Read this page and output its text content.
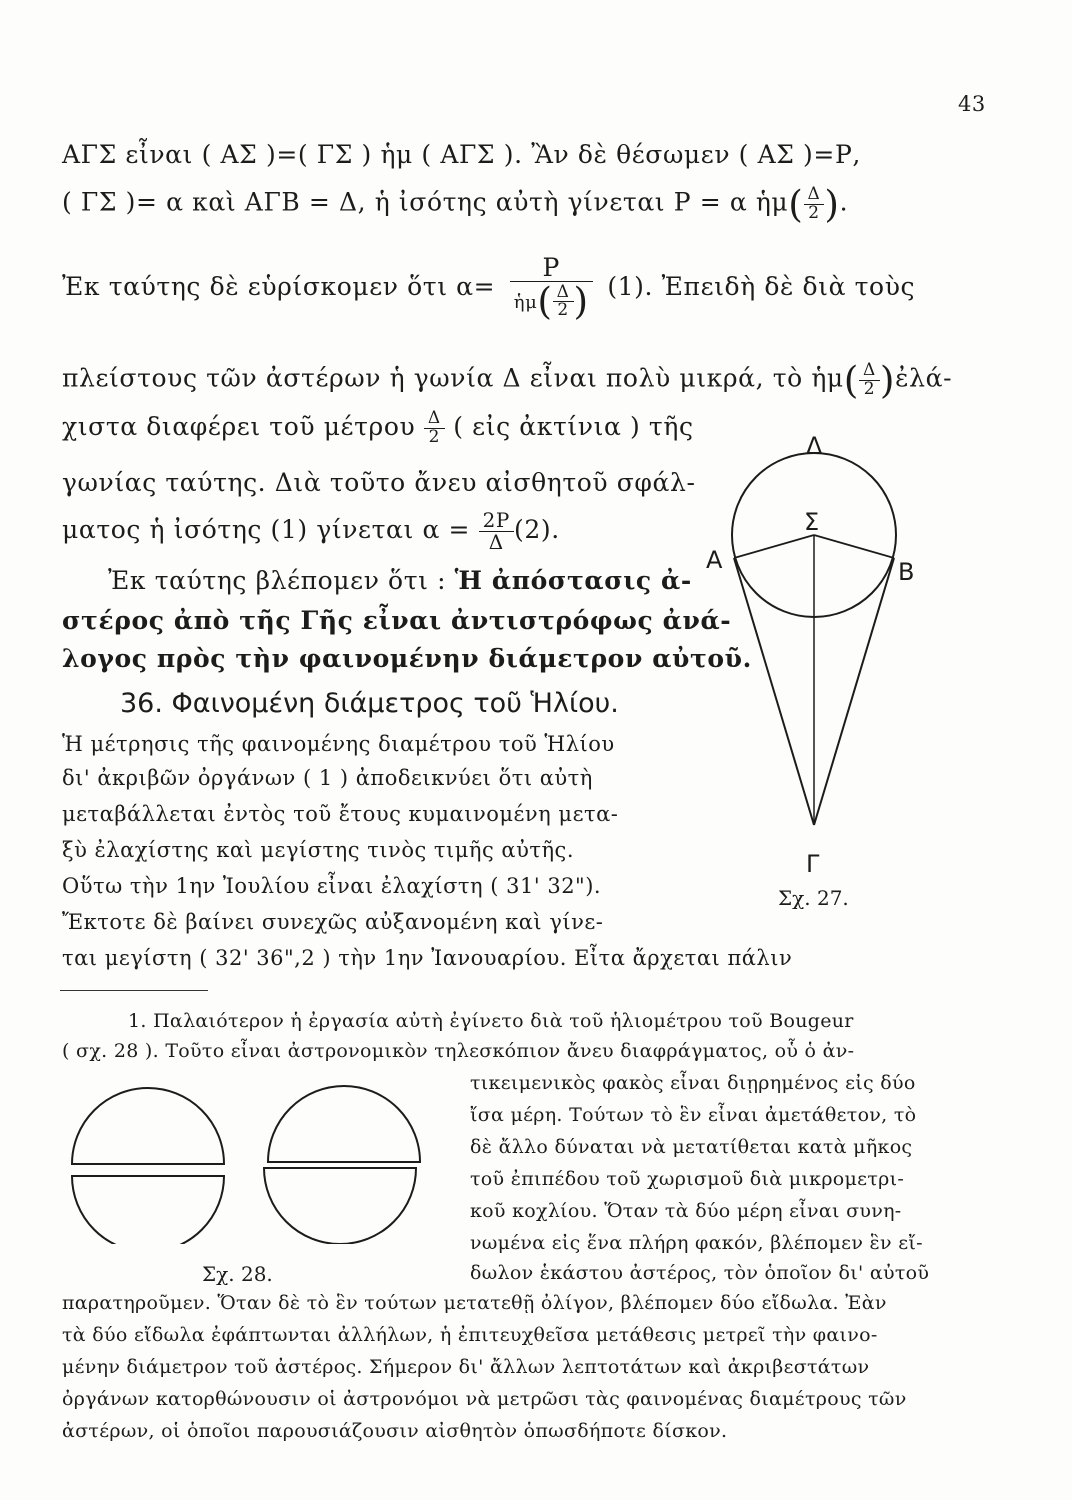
43
ΑΓΣ εἶναι ( ΑΣ )=( ΓΣ ) ἡμ ( ΑΓΣ ). Ἂν δὲ θέσωμεν ( ΑΣ )=Ρ,
( ΓΣ )= α καὶ ΑΓΒ = Δ, ἡ ἰσότης αὐτὴ γίνεται Ρ = α ἡμ( $\frac{\Delta}{2}$ ).
Ἐκ ταύτης δὲ εὑρίσκομεν ὅτι $\alpha= \frac{P}{ἡ\mu( \frac{\Delta}{2} )} (1)$. Ἐπειδὴ δὲ διὰ τοὺς
πλείστους τῶν ἀστέρων ἡ γωνία Δ εἶναι πολὺ μικρά, τὸ ἡμ( $\frac{\Delta}{2}$ )ἐλά-
χιστα διαφέρει τοῦ μέτρου $\frac{\Delta}{2}$ ( εἰς ἀκτίνια ) τῆς
γωνίας ταύτης. Διὰ τοῦτο ἄνευ αἰσθητοῦ σφάλ-
ματος ἡ ἰσότης (1) γίνεται $\alpha = \frac{2P}{\Delta} (2)$.
Ἐκ ταύτης βλέπομεν ὅτι : Ἡ ἀπόστασις ἀ-
στέρος ἀπὸ τῆς Γῆς εἶναι ἀντιστρόφως ἀνά-
λογος πρὸς τὴν φαινομένην διάμετρον αὐτοῦ.
36. Φαινομένη διάμετρος τοῦ Ἡλίου.
Ἡ μέτρησις τῆς φαινομένης διαμέτρου τοῦ Ἡλίου
δι' ἀκριβῶν ὀργάνων ( 1 ) ἀποδεικνύει ὅτι αὐτὴ
μεταβάλλεται ἐντὸς τοῦ ἔτους κυμαινομένη μετα-
ξὺ ἐλαχίστης καὶ μεγίστης τινὸς τιμῆς αὐτῆς.
Οὕτω τὴν 1ην Ἰουλίου εἶναι ἐλαχίστη ( 31' 32").
Ἔκτοτε δὲ βαίνει συνεχῶς αὐξανομένη καὶ γίνε-
ται μεγίστη ( 32' 36",2 ) τὴν 1ην Ἰανουαρίου. Εἶτα ἄρχεται πάλιν
Δ
Σ
Α	Β
Γ
Σχ. 27.
1. Παλαιότερον ἡ ἐργασία αὐτὴ ἐγίνετο διὰ τοῦ ἡλιομέτρου τοῦ Bougeur
( σχ. 28 ). Τοῦτο εἶναι ἀστρονομικὸν τηλεσκόπιον ἄνευ διαφράγματος, οὗ ὁ ἀν-
τικειμενικὸς φακὸς εἶναι διῃρημένος εἰς δύο
ἴσα μέρη. Τούτων τὸ ἓν εἶναι ἀμετάθετον, τὸ
δὲ ἄλλο δύναται νὰ μετατίθεται κατὰ μῆκος
τοῦ ἐπιπέδου τοῦ χωρισμοῦ διὰ μικρομετρι-
κοῦ κοχλίου. Ὅταν τὰ δύο μέρη εἶναι συνη-
νωμένα εἰς ἕνα πλήρη φακόν, βλέπομεν ἓν εἴ-
δωλον ἑκάστου ἀστέρος, τὸν ὁποῖον δι' αὐτοῦ
παρατηροῦμεν. Ὅταν δὲ τὸ ἓν τούτων μετατεθῇ ὀλίγον, βλέπομεν δύο εἴδωλα. Ἐὰν
τὰ δύο εἴδωλα ἐφάπτωνται ἀλλήλων, ἡ ἐπιτευχθεῖσα μετάθεσις μετρεῖ τὴν φαινο-
μένην διάμετρον τοῦ ἀστέρος. Σήμερον δι' ἄλλων λεπτοτάτων καὶ ἀκριβεστάτων
ὀργάνων κατορθώνουσιν οἱ ἀστρονόμοι νὰ μετρῶσι τὰς φαινομένας διαμέτρους τῶν
ἀστέρων, οἱ ὁποῖοι παρουσιάζουσιν αἰσθητὸν ὁπωσδήποτε δίσκον.
Σχ. 28.
